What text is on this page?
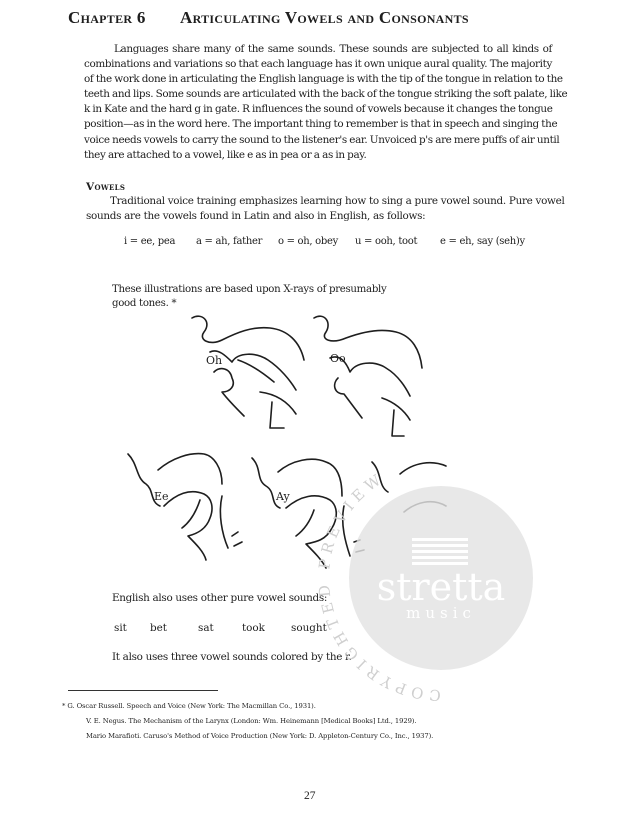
Chapter 6 Articulating Vowels and Consonants
Languages share many of the same sounds. These sounds are subjected to all kinds of
combinations and variations so that each language has it own unique aural quality. The majority
of the work done in articulating the English language is with the tip of the tongue in relation to the
teeth and lips. Some sounds are articulated with the back of the tongue striking the soft palate, like
k in Kate and the hard g in gate. R influences the sound of vowels because it changes the tongue
position—as in the word here. The important thing to remember is that in speech and singing the
voice needs vowels to carry the sound to the listener's ear. Unvoiced p's are mere puffs of air until
they are attached to a vowel, like e as in pea or a as in pay.
Vowels
Traditional voice training emphasizes learning how to sing a pure vowel sound. Pure vowel
sounds are the vowels found in Latin and also in English, as follows:
i = ee, pea a = ah, father o = oh, obey u = ooh, toot e = eh, say (seh)y
These illustrations are based upon X-rays of presumably
good tones. *
Oh	Oo
Ee	Ay
English also uses other pure vowel sounds:
sit bet	sat	took	sought
It also uses three vowel sounds colored by the r.
stretta
music
COPYRIGHTED PREVIEW
* G. Oscar Russell. Speech and Voice (New York: The Macmillan Co., 1931).
V. E. Negus. The Mechanism of the Larynx (London: Wm. Heinemann [Medical Books] Ltd., 1929).
Mario Marafioti. Caruso's Method of Voice Production (New York: D. Appleton-Century Co., Inc., 1937).
27
